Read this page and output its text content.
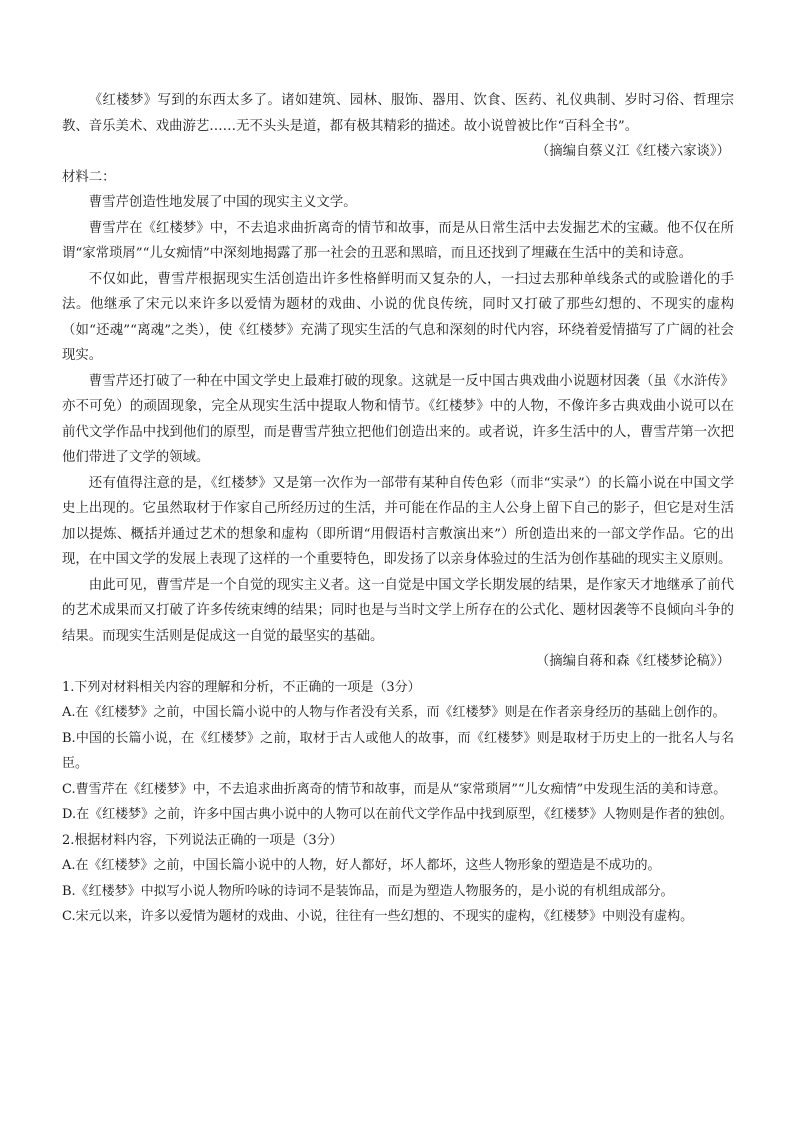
《红楼梦》写到的东西太多了。诸如建筑、园林、服饰、器用、饮食、医药、礼仪典制、岁时习俗、哲理宗教、音乐美术、戏曲游艺……无不头头是道，都有极其精彩的描述。故小说曾被比作“百科全书”。

（摘编自蔡义江《红楼六家谈》）

材料二：

曹雪芹创造性地发展了中国的现实主义文学。

曹雪芹在《红楼梦》中，不去追求曲折离奇的情节和故事，而是从日常生活中去发掘艺术的宝藏。他不仅在所谓“家常琐屑”“儿女痴情”中深刻地揭露了那一社会的丑恶和黑暗，而且还找到了埋藏在生活中的美和诗意。

不仅如此，曹雪芹根据现实生活创造出许多性格鲜明而又复杂的人，一扫过去那种单线条式的或脸谱化的手法。他继承了宋元以来许多以爱情为题材的戏曲、小说的优良传统，同时又打破了那些幻想的、不现实的虚构（如“还魂”“离魂”之类），使《红楼梦》充满了现实生活的气息和深刻的时代内容，环绕着爱情描写了广阔的社会现实。

曹雪芹还打破了一种在中国文学史上最难打破的现象。这就是一反中国古典戏曲小说题材因袭（虽《水浒传》亦不可免）的顽固现象，完全从现实生活中提取人物和情节。《红楼梦》中的人物，不像许多古典戏曲小说可以在前代文学作品中找到他们的原型，而是曹雪芹独立把他们创造出来的。或者说，许多生活中的人，曹雪芹第一次把他们带进了文学的领域。

还有值得注意的是，《红楼梦》又是第一次作为一部带有某种自传色彩（而非“实录”）的长篇小说在中国文学史上出现的。它虽然取材于作家自己所经历过的生活，并可能在作品的主人公身上留下自己的影子，但它是对生活加以提炼、概括并通过艺术的想象和虚构（即所谓“用假语村言敷演出来”）所创造出来的一部文学作品。它的出现，在中国文学的发展上表现了这样的一个重要特色，即发扬了以亲身体验过的生活为创作基础的现实主义原则。

由此可见，曹雪芹是一个自觉的现实主义者。这一自觉是中国文学长期发展的结果，是作家天才地继承了前代的艺术成果而又打破了许多传统束缚的结果；同时也是与当时文学上所存在的公式化、题材因袭等不良倾向斗争的结果。而现实生活则是促成这一自觉的最坚实的基础。

（摘编自蒋和森《红楼梦论稿》）

1.下列对材料相关内容的理解和分析，不正确的一项是（3分）

A.在《红楼梦》之前，中国长篇小说中的人物与作者没有关系，而《红楼梦》则是在作者亲身经历的基础上创作的。

B.中国的长篇小说，在《红楼梦》之前，取材于古人或他人的故事，而《红楼梦》则是取材于历史上的一批名人与名臣。

C.曹雪芹在《红楼梦》中，不去追求曲折离奇的情节和故事，而是从“家常琐屑”“儿女痴情”中发现生活的美和诗意。

D.在《红楼梦》之前，许多中国古典小说中的人物可以在前代文学作品中找到原型，《红楼梦》人物则是作者的独创。

2.根据材料内容，下列说法正确的一项是（3分）

A.在《红楼梦》之前，中国长篇小说中的人物，好人都好，坏人都坏，这些人物形象的塑造是不成功的。

B.《红楼梦》中拟写小说人物所吟咏的诗词不是装饰品，而是为塑造人物服务的，是小说的有机组成部分。

C.宋元以来，许多以爱情为题材的戏曲、小说，往往有一些幻想的、不现实的虚构，《红楼梦》中则没有虚构。
